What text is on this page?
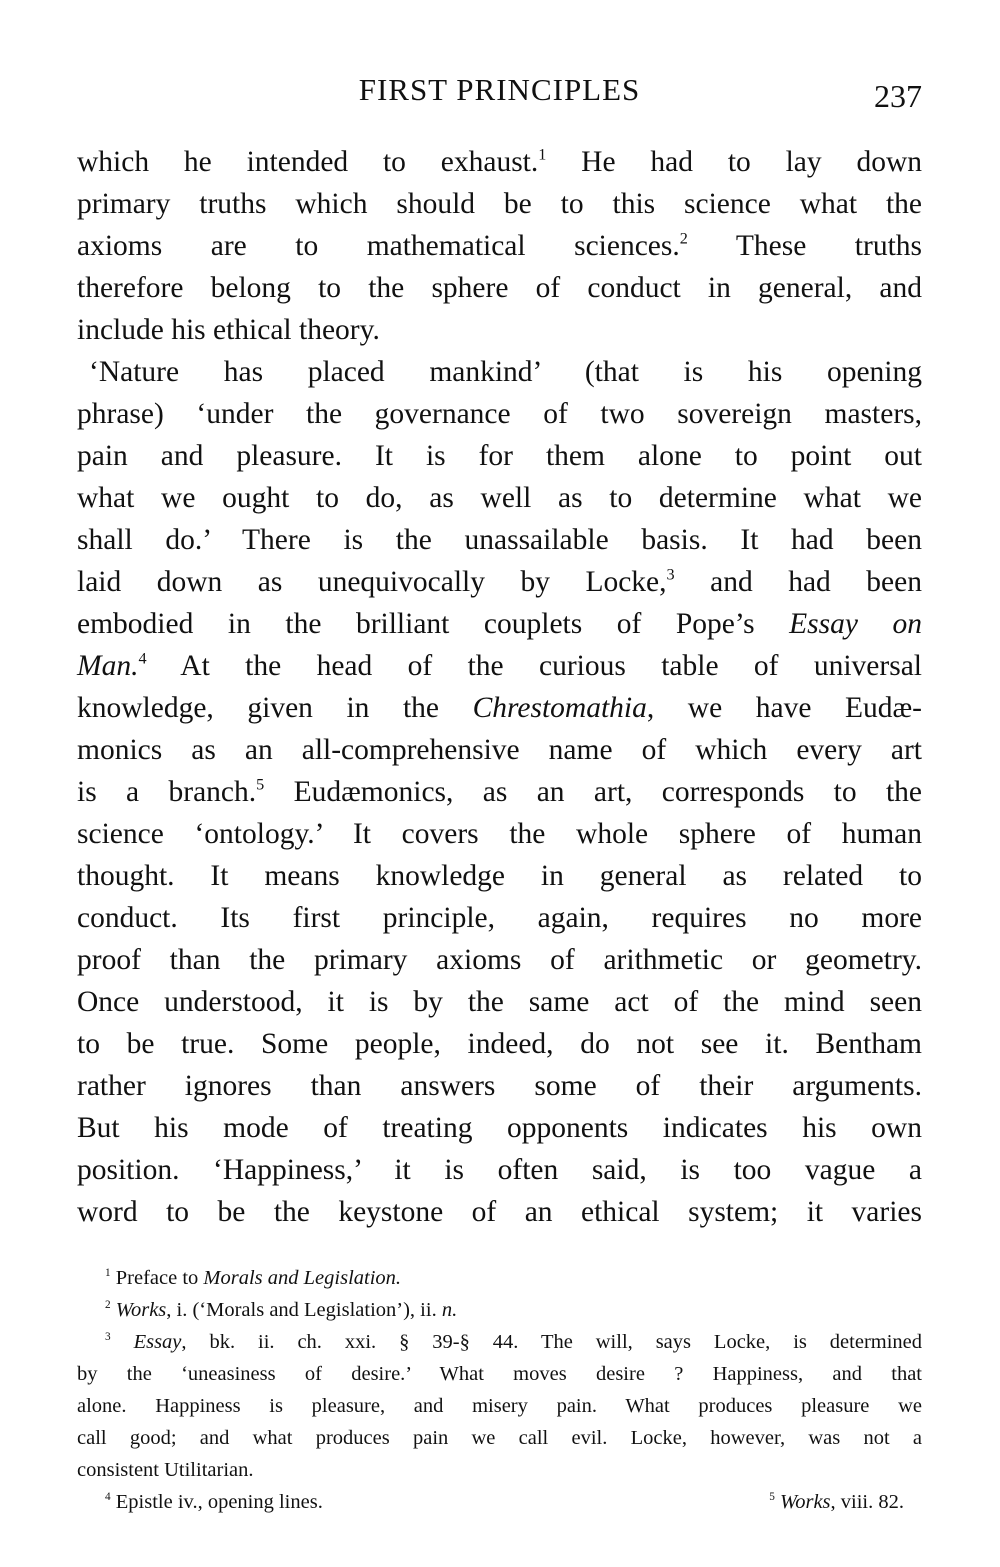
FIRST PRINCIPLES	237
which he intended to exhaust.$^1$ He had to lay down
primary truths which should be to this science what the
axioms are to mathematical sciences.$^2$ These truths
therefore belong to the sphere of conduct in general, and
include his ethical theory.
‘Nature has placed mankind’ (that is his opening
phrase) ‘under the governance of two sovereign masters,
pain and pleasure. It is for them alone to point out
what we ought to do, as well as to determine what we
shall do.’ There is the unassailable basis. It had been
laid down as unequivocally by Locke,$^3$ and had been
embodied in the brilliant couplets of Pope’s Essay on
Man.$^4$ At the head of the curious table of universal
knowledge, given in the Chrestomathia, we have Eudæ-
monics as an all-comprehensive name of which every art
is a branch.$^5$ Eudæmonics, as an art, corresponds to the
science ‘ontology.’ It covers the whole sphere of human
thought. It means knowledge in general as related to
conduct. Its first principle, again, requires no more
proof than the primary axioms of arithmetic or geometry.
Once understood, it is by the same act of the mind seen
to be true. Some people, indeed, do not see it. Bentham
rather ignores than answers some of their arguments.
But his mode of treating opponents indicates his own
position. ‘Happiness,’ it is often said, is too vague a
word to be the keystone of an ethical system; it varies
$^1$ Preface to Morals and Legislation.
$^2$ Works, i. (‘Morals and Legislation’), ii. n.
$^3$ Essay, bk. ii. ch. xxi. § 39-§ 44. The will, says Locke, is determined
by the ‘uneasiness of desire.’ What moves desire ? Happiness, and that
alone. Happiness is pleasure, and misery pain. What produces pleasure we
call good; and what produces pain we call evil. Locke, however, was not a
consistent Utilitarian.
$^4$ Epistle iv., opening lines.	$^5$ Works, viii. 82.
